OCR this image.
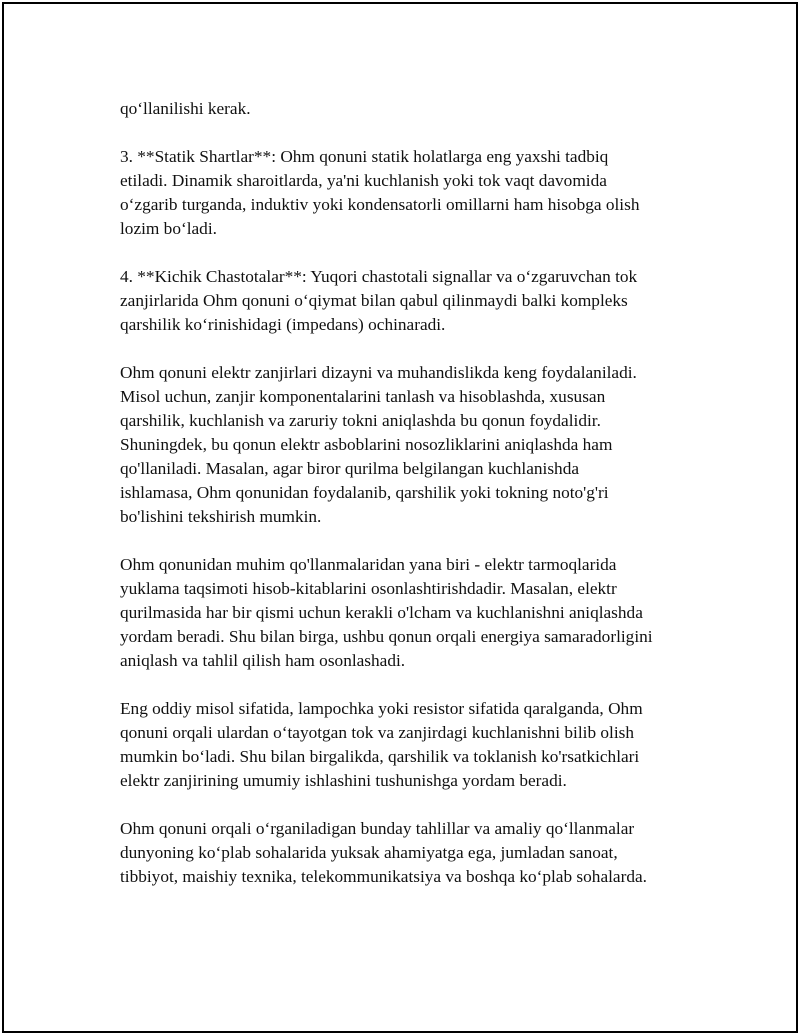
qo‘llanilishi kerak.
3. **Statik Shartlar**: Ohm qonuni statik holatlarga eng yaxshi tadbiq
etiladi. Dinamik sharoitlarda, ya'ni kuchlanish yoki tok vaqt davomida
o‘zgarib turganda, induktiv yoki kondensatorli omillarni ham hisobga olish
lozim bo‘ladi.
4. **Kichik Chastotalar**: Yuqori chastotali signallar va o‘zgaruvchan tok
zanjirlarida Ohm qonuni o‘qiymat bilan qabul qilinmaydi balki kompleks
qarshilik ko‘rinishidagi (impedans) ochinaradi.
Ohm qonuni elektr zanjirlari dizayni va muhandislikda keng foydalaniladi.
Misol uchun, zanjir komponentalarini tanlash va hisoblashda, xususan
qarshilik, kuchlanish va zaruriy tokni aniqlashda bu qonun foydalidir.
Shuningdek, bu qonun elektr asboblarini nosozliklarini aniqlashda ham
qo'llaniladi. Masalan, agar biror qurilma belgilangan kuchlanishda
ishlamasa, Ohm qonunidan foydalanib, qarshilik yoki tokning noto'g'ri
bo'lishini tekshirish mumkin.
Ohm qonunidan muhim qo'llanmalaridan yana biri - elektr tarmoqlarida
yuklama taqsimoti hisob-kitablarini osonlashtirishdadir. Masalan, elektr
qurilmasida har bir qismi uchun kerakli o'lcham va kuchlanishni aniqlashda
yordam beradi. Shu bilan birga, ushbu qonun orqali energiya samaradorligini
aniqlash va tahlil qilish ham osonlashadi.
Eng oddiy misol sifatida, lampochka yoki resistor sifatida qaralganda, Ohm
qonuni orqali ulardan o‘tayotgan tok va zanjirdagi kuchlanishni bilib olish
mumkin bo‘ladi. Shu bilan birgalikda, qarshilik va toklanish ko'rsatkichlari
elektr zanjirining umumiy ishlashini tushunishga yordam beradi.
Ohm qonuni orqali o‘rganiladigan bunday tahlillar va amaliy qo‘llanmalar
dunyoning ko‘plab sohalarida yuksak ahamiyatga ega, jumladan sanoat,
tibbiyot, maishiy texnika, telekommunikatsiya va boshqa ko‘plab sohalarda.
